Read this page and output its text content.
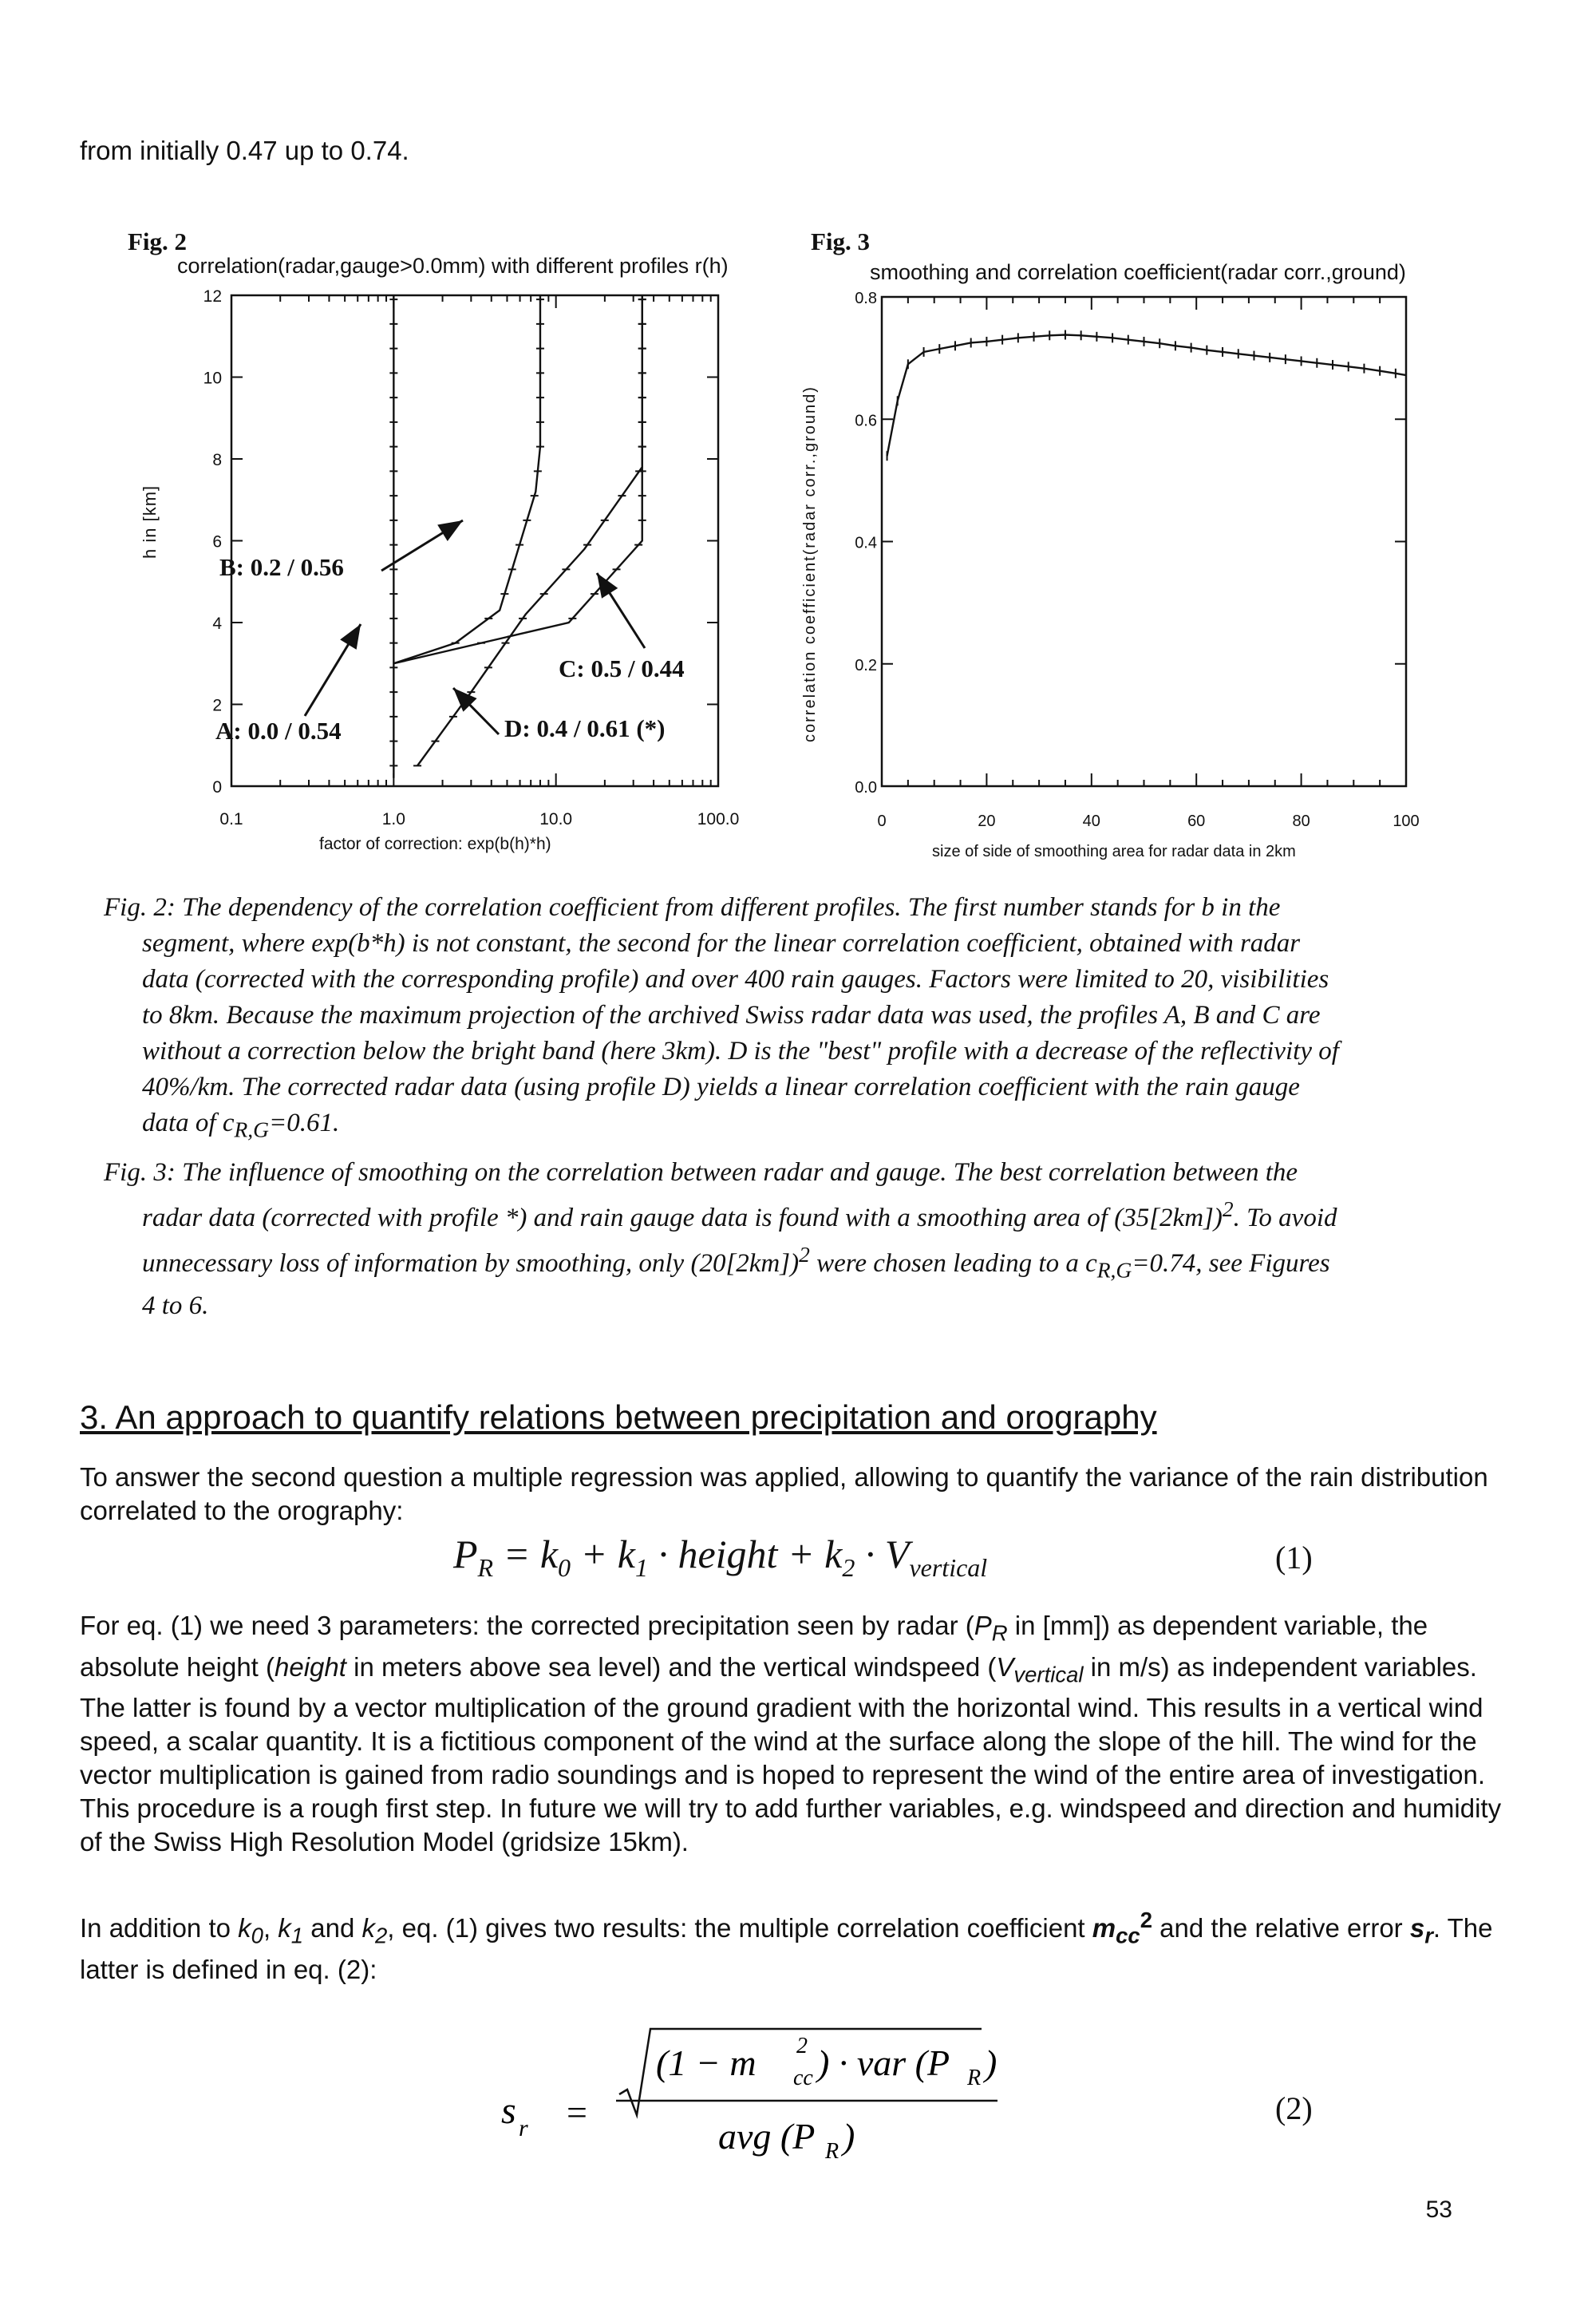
from initially 0.47 up to 0.74.
Fig. 2
correlation(radar,gauge>0.0mm) with different profiles r(h)
h in [km]
factor of correction: exp(b(h)*h)
0
2
4
6
8
10
12
0.1	1.0	10.0	100.0
B: 0.2 / 0.56
A: 0.0 / 0.54
C: 0.5 / 0.44
D: 0.4 / 0.61 (*)
Fig. 3
smoothing and correlation coefficient(radar corr.,ground)
correlation coefficient(radar corr.,ground)
size of side of smoothing area for radar data in 2km
0.0
0.2
0.4
0.6
0.8
0	20	40	60	80	100
Fig. 2: The dependency of the correlation coefficient from different profiles. The first number stands for b in the segment, where exp(b*h) is not constant, the second for the linear correlation coefficient, obtained with radar data (corrected with the corresponding profile) and over 400 rain gauges. Factors were limited to 20, visibilities to 8km. Because the maximum projection of the archived Swiss radar data was used, the profiles A, B and C are without a correction below the bright band (here 3km). D is the "best" profile with a decrease of the reflectivity of 40%/km. The corrected radar data (using profile D) yields a linear correlation coefficient with the rain gauge data of $c_{R,G}=0.61$.
Fig. 3: The influence of smoothing on the correlation between radar and gauge. The best correlation between the radar data (corrected with profile *) and rain gauge data is found with a smoothing area of $(35[2km])^2$. To avoid unnecessary loss of information by smoothing, only $(20[2km])^2$ were chosen leading to a $c_{R,G}=0.74$, see Figures 4 to 6.
3. An approach to quantify relations between precipitation and orography

To answer the second question a multiple regression was applied, allowing to quantify the variance of the rain distribution correlated to the orography:

$P_R = k_0 + k_1$ · height + $k_2 \cdot V_{vertical}$	(1)

For eq. (1) we need 3 parameters: the corrected precipitation seen by radar ($P_R$ in [mm]) as dependent variable, the absolute height (height in meters above sea level) and the vertical windspeed ($V_{vertical}$ in m/s) as independent variables. The latter is found by a vector multiplication of the ground gradient with the horizontal wind. This results in a vertical wind speed, a scalar quantity. It is a fictitious component of the wind at the surface along the slope of the hill. The wind for the vector multiplication is gained from radio soundings and is hoped to represent the wind of the entire area of investigation. This procedure is a rough first step. In future we will try to add further variables, e.g. windspeed and direction and humidity of the Swiss High Resolution Model (gridsize 15km).

In addition to $k_0$, $k_1$ and $k_2$, eq. (1) gives two results: the multiple correlation coefficient $m_{cc}^2$ and the relative error $s_r$. The latter is defined in eq. (2):

s r =
(1 − m 2
cc ) · var (P R )
avg (P R )
(2)
53
